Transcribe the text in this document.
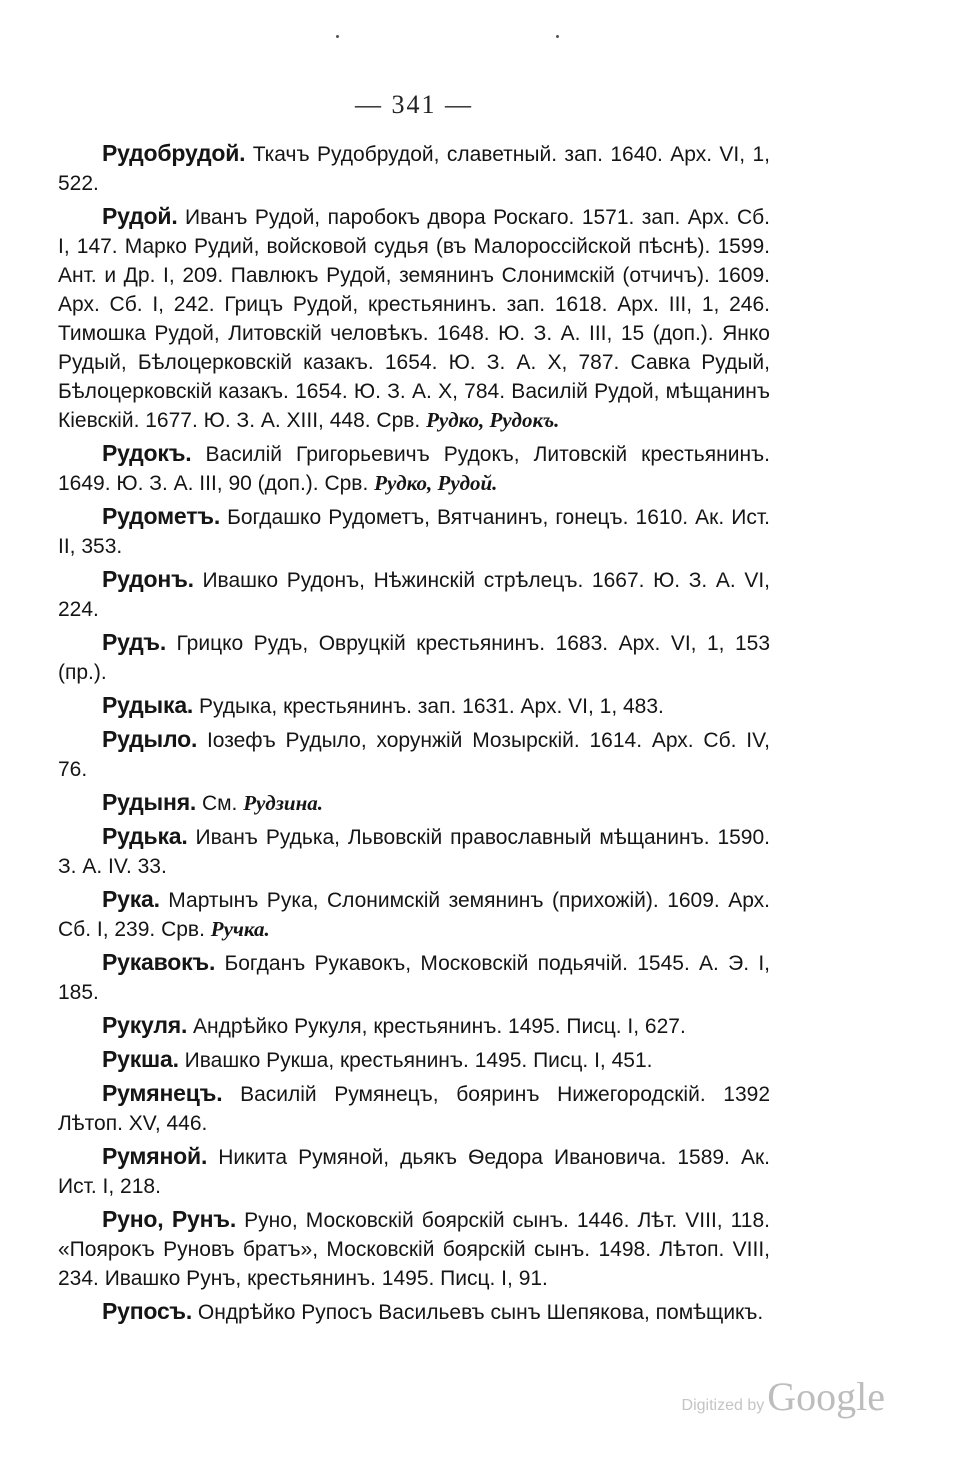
— 341 —

Рудобрудой. Ткачъ Рудобрудой, славетный. зап. 1640. Арх. VI, 1, 522.

Рудой. Иванъ Рудой, паробокъ двора Роскаго. 1571. зап. Арх. Сб. I, 147. Марко Рудий, войсковой судья (въ Малороссійской пѣснѣ). 1599. Ант. и Др. I, 209. Павлюкъ Рудой, земянинъ Слонимскій (отчичъ). 1609. Арх. Сб. I, 242. Грицъ Рудой, крестьянинъ. зап. 1618. Арх. III, 1, 246. Тимошка Рудой, Литовскій человѣкъ. 1648. Ю. З. А. III, 15 (доп.). Янко Рудый, Бѣлоцерковскій казакъ. 1654. Ю. З. А. X, 787. Савка Рудый, Бѣлоцерковскій казакъ. 1654. Ю. З. А. X, 784. Василій Рудой, мѣщанинъ Кіевскій. 1677. Ю. З. А. XIII, 448. Срв. Рудко, Рудокъ.

Рудокъ. Василій Григорьевичъ Рудокъ, Литовскій крестьянинъ. 1649. Ю. З. А. III, 90 (доп.). Срв. Рудко, Рудой.

Рудометъ. Богдашко Рудометъ, Вятчанинъ, гонецъ. 1610. Ак. Ист. II, 353.

Рудонъ. Ивашко Рудонъ, Нѣжинскій стрѣлецъ. 1667. Ю. З. А. VI, 224.

Рудъ. Грицко Рудъ, Овруцкій крестьянинъ. 1683. Арх. VI, 1, 153 (пр.).

Рудыка. Рудыка, крестьянинъ. зап. 1631. Арх. VI, 1, 483.

Рудыло. Іозефъ Рудыло, хорунжій Мозырскій. 1614. Арх. Сб. IV, 76.

Рудыня. См. Рудзина.

Рудька. Иванъ Рудька, Львовскій православный мѣщанинъ. 1590. З. А. IV. 33.

Рука. Мартынъ Рука, Слонимскій земянинъ (прихожій). 1609. Арх. Сб. I, 239. Срв. Ручка.

Рукавокъ. Богданъ Рукавокъ, Московскій подьячій. 1545. А. Э. I, 185.

Рукуля. Андрѣйко Рукуля, крестьянинъ. 1495. Писц. I, 627.

Рукша. Ивашко Рукша, крестьянинъ. 1495. Писц. I, 451.

Румянецъ. Василій Румянецъ, бояринъ Нижегородскій. 1392 Лѣтоп. XV, 446.

Румяной. Никита Румяной, дьякъ Ѳедора Ивановича. 1589. Ак. Ист. I, 218.

Руно, Рунъ. Руно, Московскій боярскій сынъ. 1446. Лѣт. VIII, 118. «Пояроκъ Руновъ братъ», Московскій боярскій сынъ. 1498. Лѣтоп. VIII, 234. Ивашко Рунъ, крестьянинъ. 1495. Писц. I, 91.

Рупосъ. Ондрѣйко Рупосъ Васильевъ сынъ Шепякова, помѣщикъ.

Digitized by Google
